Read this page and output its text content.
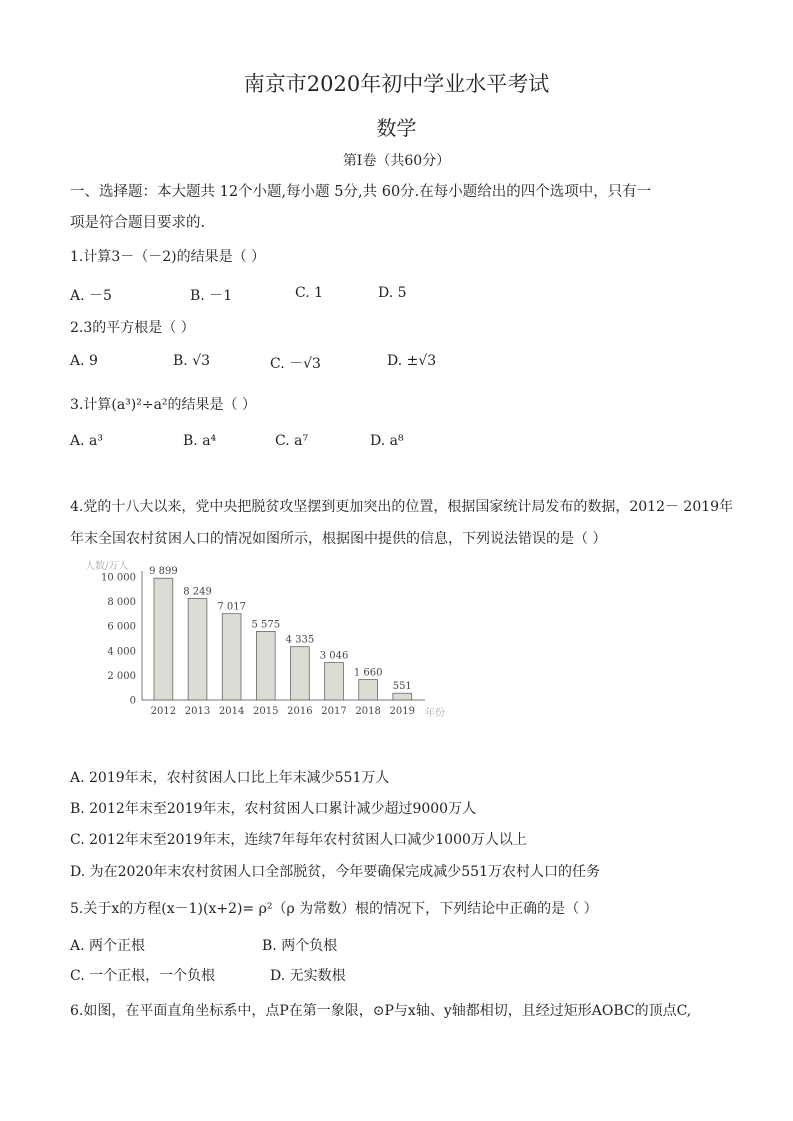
南京市2020年初中学业水平考试
数学
第Ⅰ卷（共60分）
一、选择题：本大题共 12个小题,每小题 5分,共 60分.在每小题给出的四个选项中，只有一
项是符合题目要求的.
1.计算3－（－2)的结果是（ ）
A. －5	B. －1	C. 1	D. 5
2.3的平方根是（ ）
A. 9	B. √3	C. －√3	D. ±√3
3.计算(a³)²÷a²的结果是（ ）
A. a³	B. a⁴	C. a⁷	D. a⁸
4.党的十八大以来，党中央把脱贫攻坚摆到更加突出的位置，根据国家统计局发布的数据，2012－ 2019年
年末全国农村贫困人口的情况如图所示，根据图中提供的信息，下列说法错误的是（ ）
人数/万人
年份
0
2 000
4 000
6 000
8 000
10 000
9 899
2012
8 249
2013
7 017
2014
5 575
2015
4 335
2016
3 046
2017
1 660
2018
551
2019
A. 2019年末，农村贫困人口比上年末减少551万人
B. 2012年末至2019年末，农村贫困人口累计减少超过9000万人
C. 2012年末至2019年末，连续7年每年农村贫困人口减少1000万人以上
D. 为在2020年末农村贫困人口全部脱贫，今年要确保完成减少551万农村人口的任务
5.关于x的方程(x－1)(x+2)= ρ²（ρ 为常数）根的情况下，下列结论中正确的是（ ）
A. 两个正根	B. 两个负根
C. 一个正根，一个负根	D. 无实数根
6.如图，在平面直角坐标系中，点P在第一象限，⊙P与x轴、y轴都相切，且经过矩形AOBC的顶点C,
